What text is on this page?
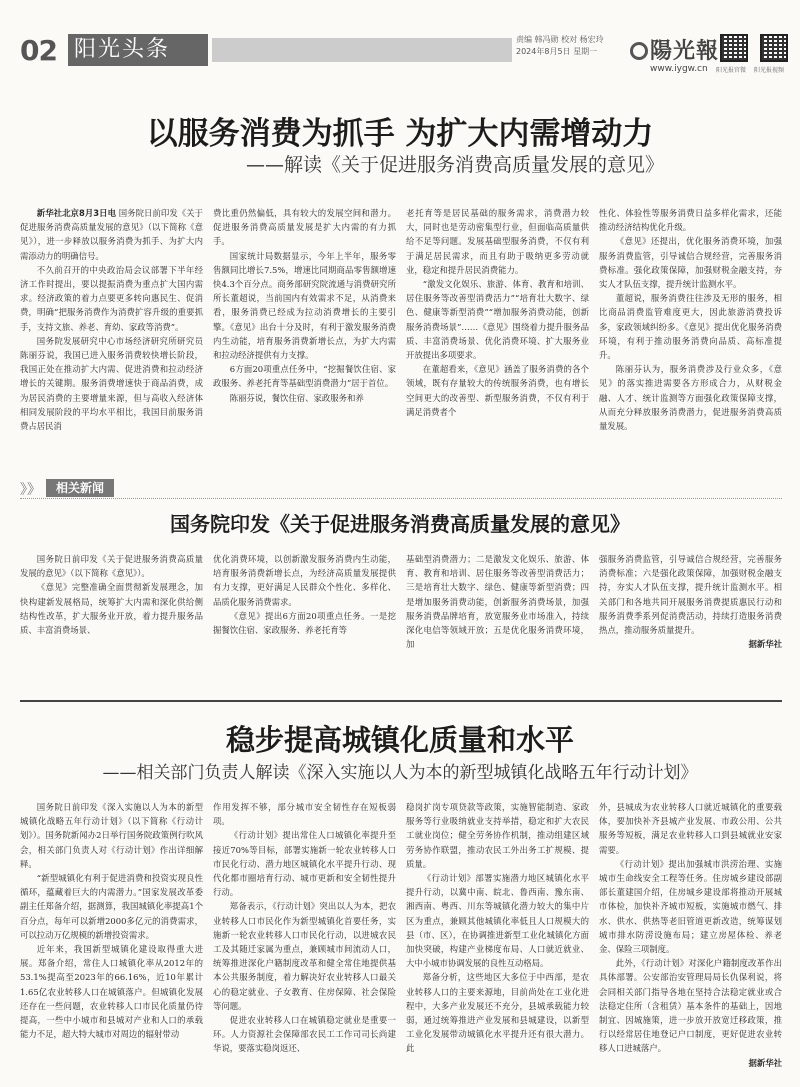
02 阳光头条	责编 韩冯勋 校对 杨宏玲
2024年8月5日 星期一	陽光報
www.iygw.cn 阳光报官微 阳光报视频
以服务消费为抓手 为扩大内需增动力
——解读《关于促进服务消费高质量发展的意见》

新华社北京8月3日电 国务院日前印发《关于促进服务消费高质量发展的意见》（以下简称《意见》），进一步释放以服务消费为抓手、为扩大内需添动力的明确信号。

不久前召开的中央政治局会议部署下半年经济工作时提出，要以提振消费为重点扩大国内需求。经济政策的着力点要更多转向惠民生、促消费，明确“把服务消费作为消费扩容升级的重要抓手，支持文旅、养老、育幼、家政等消费”。

国务院发展研究中心市场经济研究所研究员陈丽芬说，我国已进入服务消费较快增长阶段，我国正处在推动扩大内需、促进消费和拉动经济增长的关键期。服务消费增速快于商品消费，成为居民消费的主要增量来源，但与高收入经济体相同发展阶段的平均水平相比，我国目前服务消费占居民消

费比重仍然偏低，具有较大的发展空间和潜力。促进服务消费高质量发展是扩大内需的有力抓手。

国家统计局数据显示，今年上半年，服务零售额同比增长7.5%，增速比同期商品零售额增速快4.3个百分点。商务部研究院流通与消费研究所所长董超说，当前国内有效需求不足，从消费来看，服务消费已经成为拉动消费增长的主要引擎。《意见》出台十分及时，有利于激发服务消费内生动能，培育服务消费新增长点，为扩大内需和拉动经济提供有力支撑。

6方面20项重点任务中，“挖掘餐饮住宿、家政服务、养老托育等基础型消费潜力”居于首位。

陈丽芬说，餐饮住宿、家政服务和养

老托育等是居民基础的服务需求，消费潜力较大，同时也是劳动密集型行业，但面临高质量供给不足等问题。发展基础型服务消费，不仅有利于满足居民需求，而且有助于吸纳更多劳动就业，稳定和提升居民消费能力。

“激发文化娱乐、旅游、体育、教育和培训、居住服务等改善型消费活力”“培育壮大数字、绿色、健康等新型消费”“增加服务消费动能，创新服务消费场景”……《意见》围绕着力提升服务品质、丰富消费场景、优化消费环境、扩大服务业开放提出多项要求。

在董超看来，《意见》涵盖了服务消费的各个领域，既有存量较大的传统服务消费，也有增长空间更大的改善型、新型服务消费，不仅有利于满足消费者个

性化、体验性等服务消费日益多样化需求，还能推动经济结构优化升级。

《意见》还提出，优化服务消费环境，加强服务消费监管，引导诚信合规经营，完善服务消费标准。强化政策保障，加强财税金融支持，夯实人才队伍支撑，提升统计监测水平。

董超说，服务消费往往涉及无形的服务，相比商品消费监管难度更大，因此旅游消费投诉多，家政领域纠纷多。《意见》提出优化服务消费环境，有利于推动服务消费向品质、高标准提升。

陈丽芬认为，服务消费涉及行业众多，《意见》的落实推进需要各方形成合力，从财税金融、人才、统计监测等方面强化政策保障支撑，从而充分释放服务消费潜力，促进服务消费高质量发展。

》》	相关新闻
国务院印发《关于促进服务消费高质量发展的意见》

国务院日前印发《关于促进服务消费高质量发展的意见》（以下简称《意见》）。

《意见》完整准确全面贯彻新发展理念，加快构建新发展格局，统筹扩大内需和深化供给侧结构性改革，扩大服务业开放，着力提升服务品质、丰富消费场景、

优化消费环境，以创新激发服务消费内生动能，培育服务消费新增长点，为经济高质量发展提供有力支撑，更好满足人民群众个性化、多样化、品质化服务消费需求。

《意见》提出6方面20项重点任务。一是挖掘餐饮住宿、家政服务、养老托育等

基础型消费潜力；二是激发文化娱乐、旅游、体育、教育和培训、居住服务等改善型消费活力；三是培育壮大数字、绿色、健康等新型消费；四是增加服务消费动能，创新服务消费场景，加强服务消费品牌培育，放宽服务业市场准入，持续深化电信等领域开放；五是优化服务消费环境，加

强服务消费监管，引导诚信合规经营，完善服务消费标准；六是强化政策保障，加强财税金融支持，夯实人才队伍支撑，提升统计监测水平。相关部门和各地共同开展服务消费提质惠民行动和服务消费季系列促消费活动，持续打造服务消费热点，推动服务质量提升。

据新华社
稳步提高城镇化质量和水平
——相关部门负责人解读《深入实施以人为本的新型城镇化战略五年行动计划》

国务院日前印发《深入实施以人为本的新型城镇化战略五年行动计划》（以下简称《行动计划》）。国务院新闻办2日举行国务院政策例行吹风会，相关部门负责人对《行动计划》作出详细解释。

“新型城镇化有利于促进消费和投资实现良性循环，蕴藏着巨大的内需潜力。”国家发展改革委副主任郑备介绍，据测算，我国城镇化率提高1个百分点，每年可以新增2000多亿元的消费需求，可以拉动万亿规模的新增投资需求。

近年来，我国新型城镇化建设取得重大进展。郑备介绍，常住人口城镇化率从2012年的53.1%提高至2023年的66.16%，近10年累计1.65亿农业转移人口在城镇落户。但城镇化发展还存在一些问题，农业转移人口市民化质量仍待提高，一些中小城市和县城对产业和人口的承载能力不足，超大特大城市对周边的辐射带动

作用发挥不够，部分城市安全韧性存在短板弱项。

《行动计划》提出常住人口城镇化率提升至接近70%等目标，部署实施新一轮农业转移人口市民化行动、潜力地区城镇化水平提升行动、现代化都市圈培育行动、城市更新和安全韧性提升行动。

郑备表示，《行动计划》突出以人为本，把农业转移人口市民化作为新型城镇化首要任务，实施新一轮农业转移人口市民化行动，以进城农民工及其随迁家属为重点，兼顾城市间流动人口，统筹推进深化户籍制度改革和健全常住地提供基本公共服务制度，着力解决好农业转移人口最关心的稳定就业、子女教育、住房保障、社会保险等问题。

促进农业转移人口在城镇稳定就业是重要一环。人力资源社会保障部农民工工作司司长尚建华说，要落实稳岗返还、

稳岗扩岗专项贷款等政策，实施智能制造、家政服务等行业吸纳就业支持举措，稳定和扩大农民工就业岗位；健全劳务协作机制，推动组建区域劳务协作联盟，推动农民工外出务工扩规模、提质量。

《行动计划》部署实施潜力地区城镇化水平提升行动，以冀中南、皖北、鲁西南、豫东南、湘西南、粤西、川东等城镇化潜力较大的集中片区为重点，兼顾其他城镇化率低且人口规模大的县（市、区），在协调推进新型工业化城镇化方面加快突破，构建产业梯度布局、人口就近就业、大中小城市协调发展的良性互动格局。

郑备分析，这些地区大多位于中西部，是农业转移人口的主要来源地，目前尚处在工业化进程中，大多产业发展还不充分，县城承载能力较弱，通过统筹推进产业发展和县城建设，以新型工业化发展带动城镇化水平提升还有很大潜力。此

外，县城成为农业转移人口就近城镇化的重要载体，要加快补齐县城产业发展、市政公用、公共服务等短板，满足农业转移人口到县城就业安家需要。

《行动计划》提出加强城市洪涝治理、实施城市生命线安全工程等任务。住房城乡建设部副部长董建国介绍，住房城乡建设部将推动开展城市体检，加快补齐城市短板，实施城市燃气、排水、供水、供热等老旧管道更新改造，统筹谋划城市排水防涝设施布局；建立房屋体检、养老金、保险三项制度。

此外，《行动计划》对深化户籍制度改革作出具体部署。公安部治安管理局局长仇保利说，将会同相关部门指导各地在坚持合法稳定就业或合法稳定住所（含租赁）基本条件的基础上，因地制宜、因城施策，进一步放开放宽迁移政策，推行以经常居住地登记户口制度，更好促进农业转移人口进城落户。

据新华社
